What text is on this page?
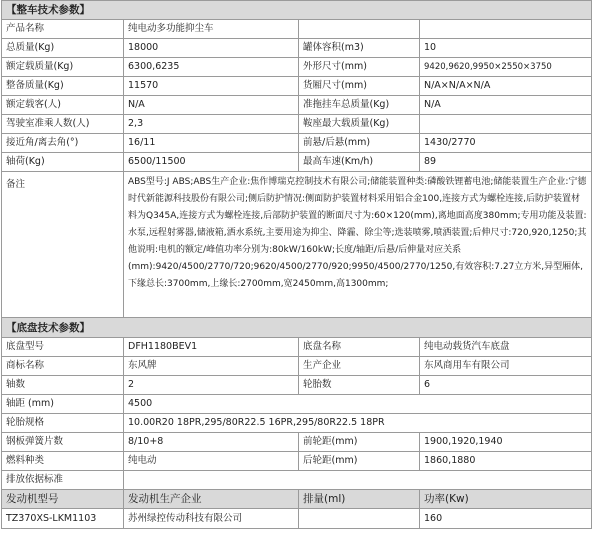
【整车技术参数】			
产品名称	纯电动多功能抑尘车		
总质量(Kg)	18000	罐体容积(m3)	10
额定载质量(Kg)	6300,6235	外形尺寸(mm)	9420,9620,9950×2550×3750
整备质量(Kg)	11570	货厢尺寸(mm)	N/A×N/A×N/A
额定载客(人)	N/A	准拖挂车总质量(Kg)	N/A
驾驶室准乘人数(人)	2,3	鞍座最大载质量(Kg)	
接近角/离去角(°)	16/11	前悬/后悬(mm)	1430/2770
轴荷(Kg)	6500/11500	最高车速(Km/h)	89
备注	ABS型号:J ABS;ABS生产企业:焦作博瑞克控制技术有限公司;储能装置种类:磷酸铁锂蓄电池;储能装置生产企业:宁德时代新能源科技股份有限公司;侧后防护情况:侧面防护装置材料采用铝合金100,连接方式为螺栓连接,后防护装置材料为Q345A,连接方式为螺栓连接,后部防护装置的断面尺寸为:60×120(mm),离地面高度380mm;专用功能及装置:水泵,远程射雾器,储液箱,洒水系统,主要用途为抑尘、降霾、除尘等;选装喷雾,喷洒装置;后伸尺寸:720,920,1250;其他说明:电机的额定/峰值功率分别为:80kW/160kW;长度/轴距/后悬/后伸量对应关系(mm):9420/4500/2770/720;9620/4500/2770/920;9950/4500/2770/1250,有效容积:7.27立方米,异型厢体,下缘总长:3700mm,上缘长:2700mm,宽2450mm,高1300mm;		
【底盘技术参数】			
底盘型号	DFH1180BEV1	底盘名称	纯电动载货汽车底盘
商标名称	东风牌	生产企业	东风商用车有限公司
轴数	2	轮胎数	6
轴距 (mm)	4500		
轮胎规格	10.00R20 18PR,295/80R22.5 16PR,295/80R22.5 18PR		
钢板弹簧片数	8/10+8	前轮距(mm)	1900,1920,1940
燃料种类	纯电动	后轮距(mm)	1860,1880
排放依据标准			
发动机型号	发动机生产企业	排量(ml)	功率(Kw)
TZ370XS-LKM1103	苏州绿控传动科技有限公司		160
